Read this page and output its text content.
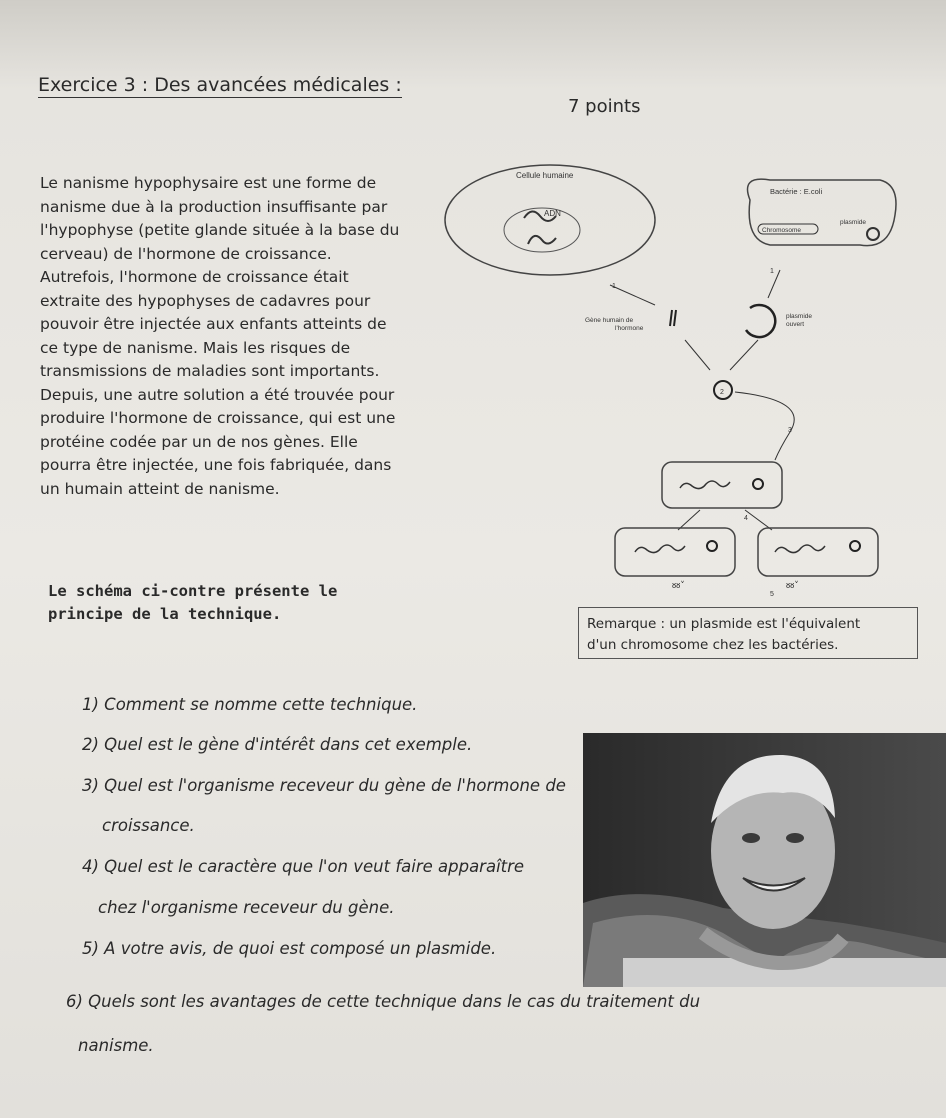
Exercice 3 : Des avancées médicales :
7 points

Le nanisme hypophysaire est une forme de

nanisme due à la production insuffisante par

l'hypophyse (petite glande située à la base du

cerveau) de l'hormone de croissance.

Autrefois, l'hormone de croissance était

extraite des hypophyses de cadavres pour

pouvoir être injectée aux enfants atteints de

ce type de nanisme. Mais les risques de

transmissions de maladies sont importants.

Depuis, une autre solution a été trouvée pour

produire l'hormone de croissance, qui est une

protéine codée par un de nos gènes. Elle

pourra être injectée, une fois fabriquée, dans

un humain atteint de nanisme.

Le schéma ci-contre présente le
principe de la technique.
Cellule humaine
ADN
Bactérie : E.coli
Chromosome
plasmide
1
1
Gène humain de
l'hormone
plasmide
ouvert
2
3
4
ᴕᴕ˅	ᴕᴕ˅
5
Remarque : un plasmide est l'équivalent
d'un chromosome chez les bactéries.
1) Comment se nomme cette technique.
2) Quel est le gène d'intérêt dans cet exemple.
3) Quel est l'organisme receveur du gène de l'hormone de
croissance.
4) Quel est le caractère que l'on veut faire apparaître
chez l'organisme receveur du gène.
5) A votre avis, de quoi est composé un plasmide.
6) Quels sont les avantages de cette technique dans le cas du traitement du
nanisme.
